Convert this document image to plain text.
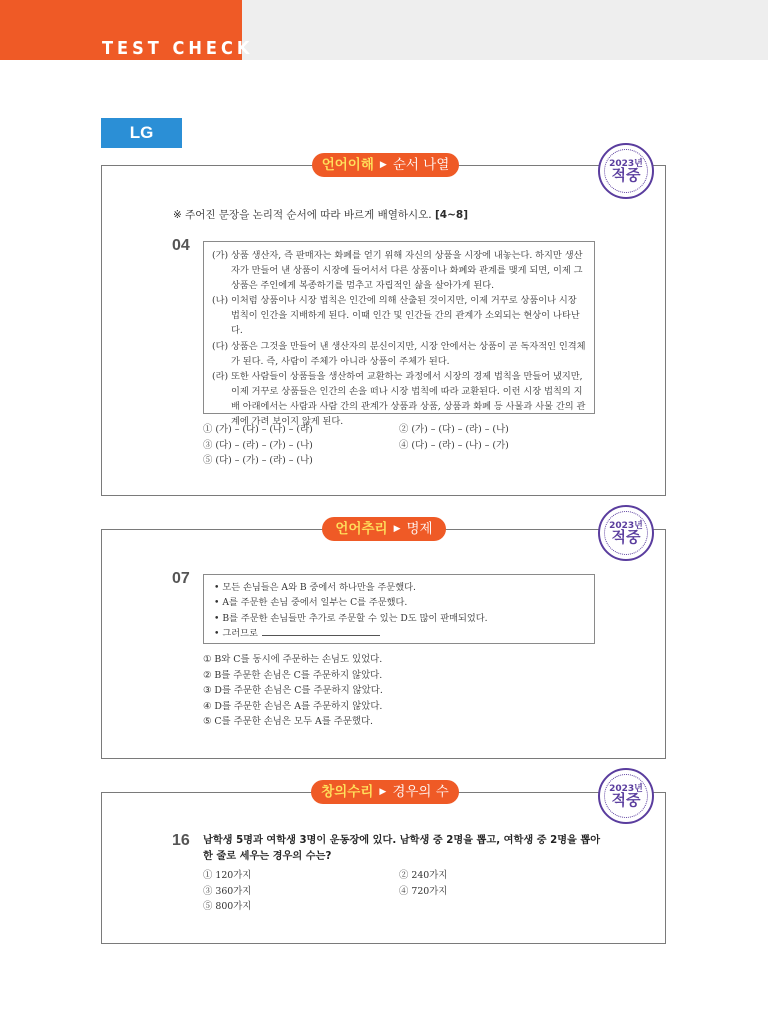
TEST CHECK
LG
언어이해 ▶ 순서 나열	2023년
적중
※ 주어진 문장을 논리적 순서에 따라 바르게 배열하시오. [4~8]
04

(가) 상품 생산자, 즉 판매자는 화폐를 얻기 위해 자신의 상품을 시장에 내놓는다. 하지만 생산자가 만들어 낸 상품이 시장에 들어서서 다른 상품이나 화폐와 관계를 맺게 되면, 이제 그 상품은 주인에게 복종하기를 멈추고 자립적인 삶을 살아가게 된다.

(나) 이처럼 상품이나 시장 법칙은 인간에 의해 산출된 것이지만, 이제 거꾸로 상품이나 시장 법칙이 인간을 지배하게 된다. 이때 인간 및 인간들 간의 관계가 소외되는 현상이 나타난다.

(다) 상품은 그것을 만들어 낸 생산자의 분신이지만, 시장 안에서는 상품이 곧 독자적인 인격체가 된다. 즉, 사람이 주체가 아니라 상품이 주체가 된다.

(라) 또한 사람들이 상품들을 생산하여 교환하는 과정에서 시장의 경제 법칙을 만들어 냈지만, 이제 거꾸로 상품들은 인간의 손을 떠나 시장 법칙에 따라 교환된다. 이런 시장 법칙의 지배 아래에서는 사람과 사람 간의 관계가 상품과 상품, 상품과 화폐 등 사물과 사물 간의 관계에 가려 보이지 않게 된다.

① (가) – (다) – (나) – (라)	② (가) – (다) – (라) – (나)
③ (다) – (라) – (가) – (나)	④ (다) – (라) – (나) – (가)
⑤ (다) – (가) – (라) – (나)
언어추리 ▶ 명제	2023년
적중
07
• 모든 손님들은 A와 B 중에서 하나만을 주문했다.
• A를 주문한 손님 중에서 일부는 C를 주문했다.
• B를 주문한 손님들만 추가로 주문할 수 있는 D도 많이 판매되었다.
• 그러므로
① B와 C를 동시에 주문하는 손님도 있었다.
② B를 주문한 손님은 C를 주문하지 않았다.
③ D를 주문한 손님은 C를 주문하지 않았다.
④ D를 주문한 손님은 A를 주문하지 않았다.
⑤ C를 주문한 손님은 모두 A를 주문했다.
창의수리 ▶ 경우의 수	2023년
적중
16 남학생 5명과 여학생 3명이 운동장에 있다. 남학생 중 2명을 뽑고, 여학생 중 2명을 뽑아 한 줄로 세우는 경우의 수는?
① 120가지	② 240가지
③ 360가지	④ 720가지
⑤ 800가지
